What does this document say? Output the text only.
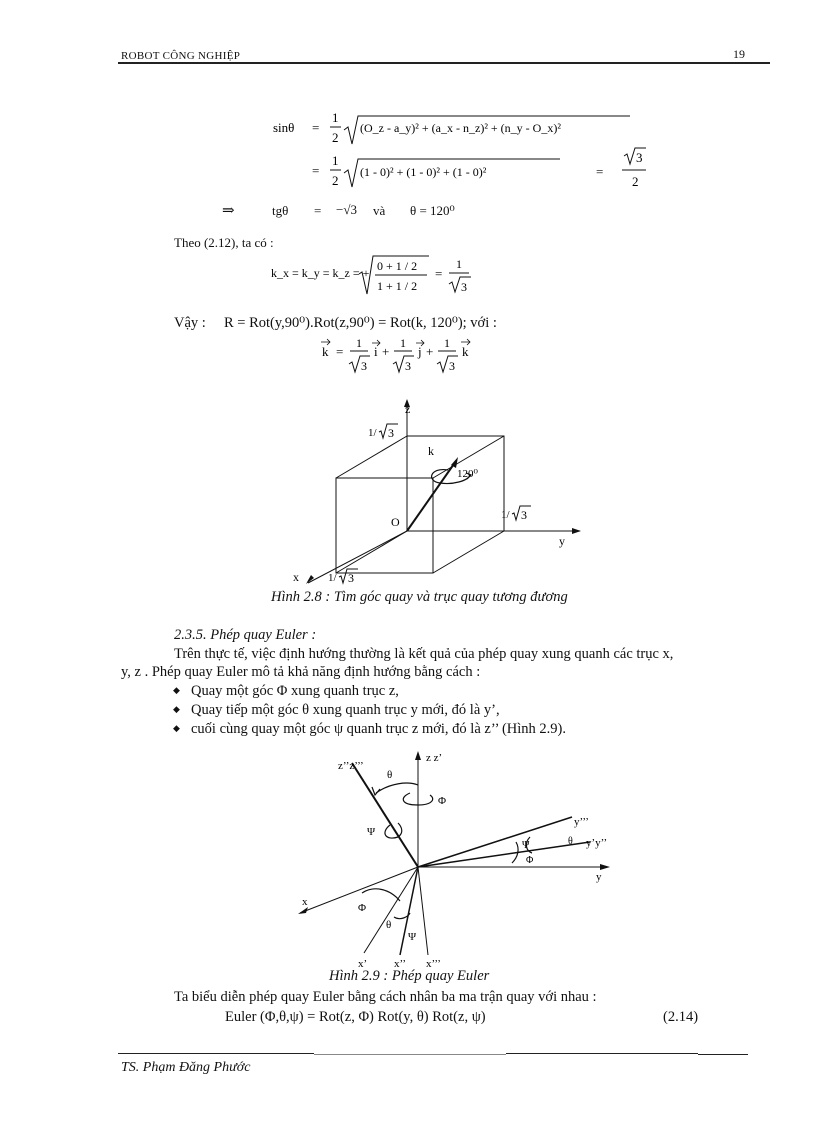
ROBOT CÔNG NGHIỆP	19
sinθ =
1
2
(O_z - a_y)² + (a_x - n_z)² + (n_y - O_x)²
=
1
2
(1 - 0)² + (1 - 0)² + (1 - 0)²	=
3
2
⇒	tgθ = −√3 và θ = 120⁰
Theo (2.12), ta có :
k_x = k_y = k_z = + 0 + 1 / 2
1 + 1 / 2
=
1
3
Vậy : R = Rot(y,90⁰).Rot(z,90⁰) = Rot(k, 120⁰); với :
k =
1
3
i +
1
3
j +
1
3
k
z
k
120⁰
O
y
x
1/ 3
1/ 3
1/ 3
Hình 2.8 : Tìm góc quay và trục quay tương đương
2.3.5. Phép quay Euler :
Trên thực tế, việc định hướng thường là kết quả của phép quay xung quanh các trục x,
y, z . Phép quay Euler mô tả khả năng định hướng bằng cách :
◆ Quay một góc Φ xung quanh trục z,
◆ Quay tiếp một góc θ xung quanh trục y mới, đó là y’,
◆ cuối cùng quay một góc ψ quanh trục z mới, đó là z’’ (Hình 2.9).
z’’z’’’
z z’
θ
Φ
Ψ
y’’’
y’y’’
y
Ψ	θ
Φ
x	Φ
θ
Ψ
x’ x’’ x’’’
Hình 2.9 : Phép quay Euler
Ta biểu diễn phép quay Euler bằng cách nhân ba ma trận quay với nhau :
Euler (Φ,θ,ψ) = Rot(z, Φ) Rot(y, θ) Rot(z, ψ)	(2.14)
TS. Phạm Đăng Phước
